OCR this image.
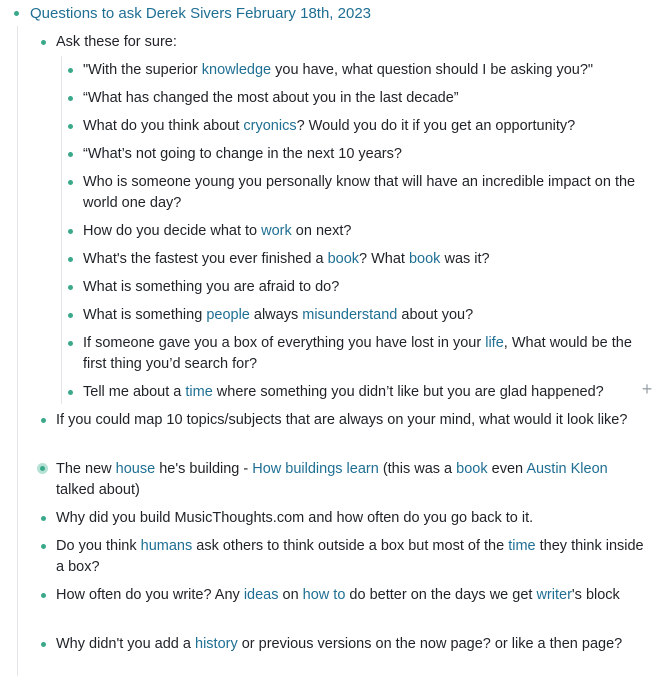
Questions to ask Derek Sivers February 18th, 2023
Ask these for sure:
"With the superior knowledge you have, what question should I be asking you?"
“What has changed the most about you in the last decade”
What do you think about cryonics? Would you do it if you get an opportunity?
“What’s not going to change in the next 10 years?
Who is someone young you personally know that will have an incredible impact on the world one day?
How do you decide what to work on next?
What's the fastest you ever finished a book? What book was it?
What is something you are afraid to do?
What is something people always misunderstand about you?
If someone gave you a box of everything you have lost in your life, What would be the first thing you’d search for?
Tell me about a time where something you didn’t like but you are glad happened?	+
If you could map 10 topics/subjects that are always on your mind, what would it look like?
The new house he's building - How buildings learn (this was a book even Austin Kleon talked about)
Why did you build MusicThoughts.com and how often do you go back to it.
Do you think humans ask others to think outside a box but most of the time they think inside a box?
How often do you write? Any ideas on how to do better on the days we get writer's block
Why didn't you add a history or previous versions on the now page? or like a then page?
